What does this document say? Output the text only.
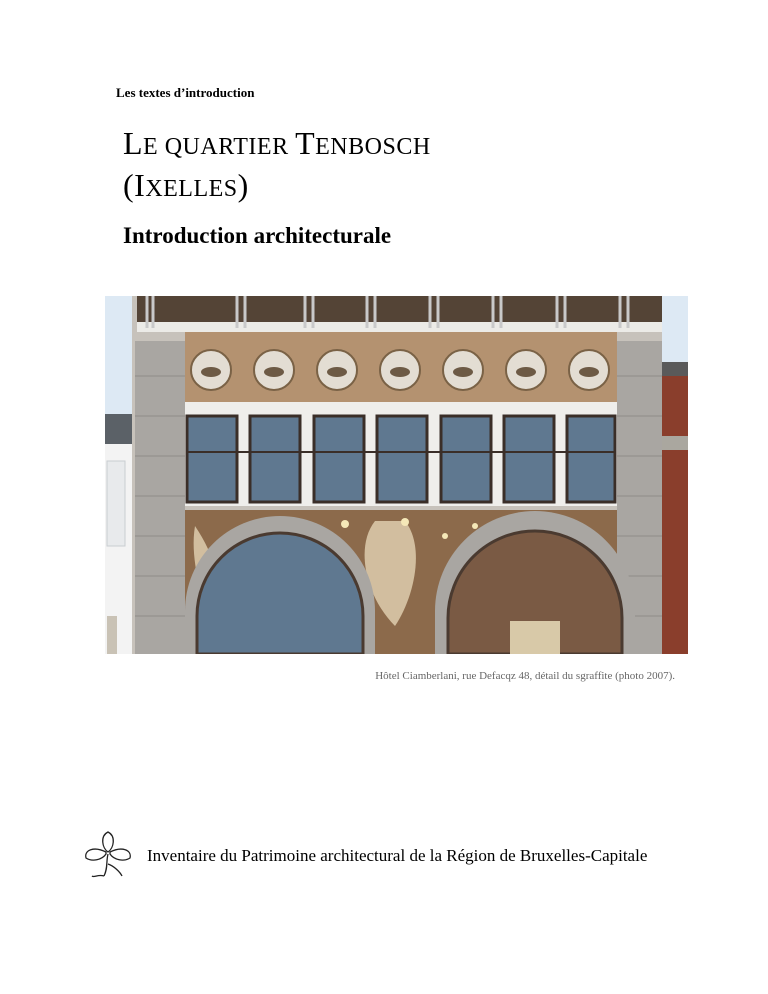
Les textes d’introduction
LE QUARTIER TENBOSCH
(IXELLES)
Introduction architecturale
Hôtel Ciamberlani, rue Defacqz 48, détail du sgraffite (photo 2007).
Inventaire du Patrimoine architectural de la Région de Bruxelles-Capitale
